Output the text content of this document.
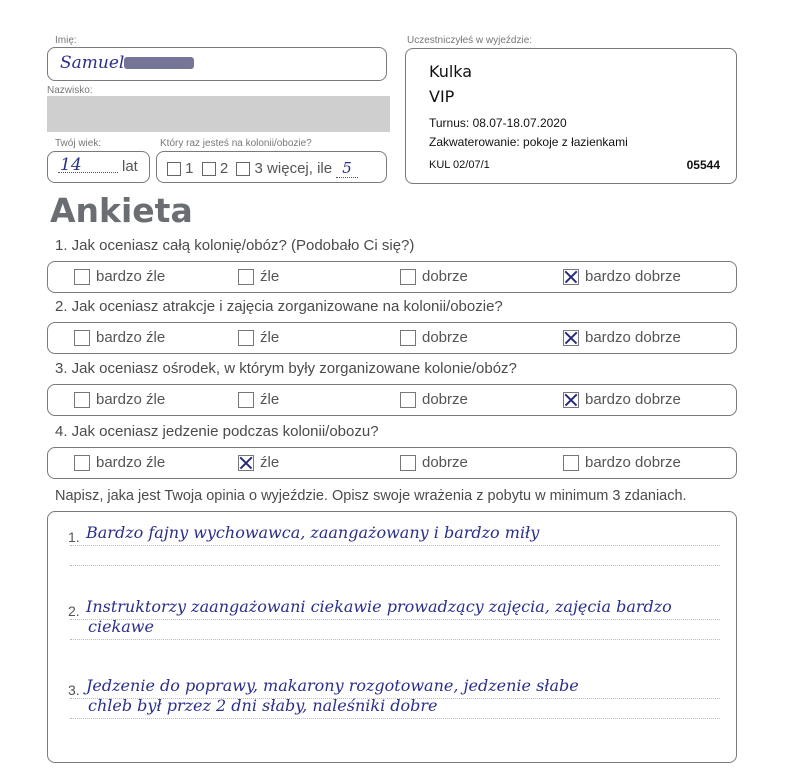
Imię:
Samuel
Nazwisko:
Twój wiek:	Który raz jesteś na kolonii/obozie?
14	lat	1 2 3 więcej, ile 5
Uczestniczyłeś w wyjeździe:
Kulka
VIP
Turnus: 08.07-18.07.2020
Zakwaterowanie: pokoje z łazienkami
KUL 02/07/1	05544
Ankieta
1. Jak oceniasz całą kolonię/obóz? (Podobało Ci się?)
bardzo źle	źle	dobrze	bardzo dobrze
2. Jak oceniasz atrakcje i zajęcia zorganizowane na kolonii/obozie?
bardzo źle	źle	dobrze	bardzo dobrze
3. Jak oceniasz ośrodek, w którym były zorganizowane kolonie/obóz?
bardzo źle	źle	dobrze	bardzo dobrze
4. Jak oceniasz jedzenie podczas kolonii/obozu?
bardzo źle	źle	dobrze	bardzo dobrze
Napisz, jaka jest Twoja opinia o wyjeździe. Opisz swoje wrażenia z pobytu w minimum 3 zdaniach.
1. Bardzo fajny wychowawca, zaangażowany i bardzo miły
2. Instruktorzy zaangażowani ciekawie prowadzący zajęcia, zajęcia bardzo
ciekawe
3. Jedzenie do poprawy, makarony rozgotowane, jedzenie słabe
chleb był przez 2 dni słaby, naleśniki dobre
